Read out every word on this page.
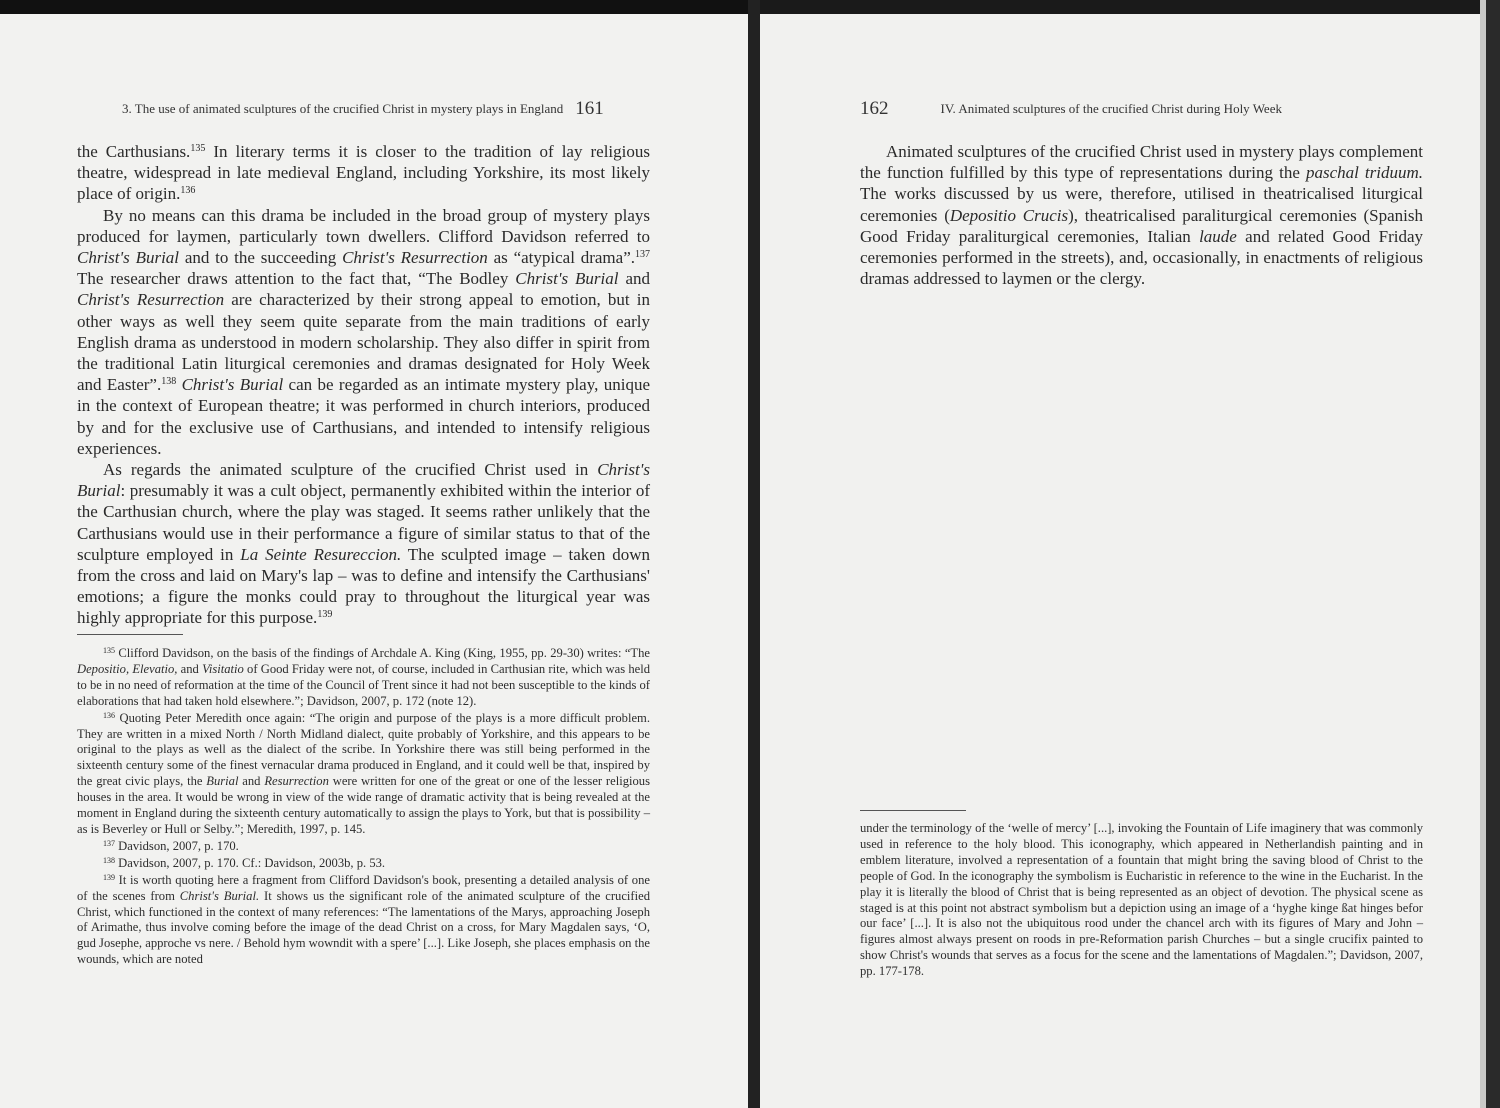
3. The use of animated sculptures of the crucified Christ in mystery plays in England 161

the Carthusians.$^{135}$ In literary terms it is closer to the tradition of lay religious theatre, widespread in late medieval England, including Yorkshire, its most likely place of origin.$^{136}$

By no means can this drama be included in the broad group of mystery plays produced for laymen, particularly town dwellers. Clifford Davidson referred to Christ's Burial and to the succeeding Christ's Resurrection as “atypical drama”.$^{137}$ The researcher draws attention to the fact that, “The Bodley Christ's Burial and Christ's Resurrection are characterized by their strong appeal to emotion, but in other ways as well they seem quite separate from the main traditions of early English drama as understood in modern scholarship. They also differ in spirit from the traditional Latin liturgical ceremonies and dramas designated for Holy Week and Easter”.$^{138}$ Christ's Burial can be regarded as an intimate mystery play, unique in the context of European theatre; it was performed in church interiors, produced by and for the exclusive use of Carthusians, and intended to intensify religious experiences.

As regards the animated sculpture of the crucified Christ used in Christ's Burial: presumably it was a cult object, permanently exhibited within the interior of the Carthusian church, where the play was staged. It seems rather unlikely that the Carthusians would use in their performance a figure of similar status to that of the sculpture employed in La Seinte Resureccion. The sculpted image – taken down from the cross and laid on Mary's lap – was to define and intensify the Carthusians' emotions; a figure the monks could pray to throughout the liturgical year was highly appropriate for this purpose.$^{139}$

$^{135}$ Clifford Davidson, on the basis of the findings of Archdale A. King (King, 1955, pp. 29-30) writes: “The Depositio, Elevatio, and Visitatio of Good Friday were not, of course, included in Carthusian rite, which was held to be in no need of reformation at the time of the Council of Trent since it had not been susceptible to the kinds of elaborations that had taken hold elsewhere.”; Davidson, 2007, p. 172 (note 12).

$^{136}$ Quoting Peter Meredith once again: “The origin and purpose of the plays is a more difficult problem. They are written in a mixed North / North Midland dialect, quite probably of Yorkshire, and this appears to be original to the plays as well as the dialect of the scribe. In Yorkshire there was still being performed in the sixteenth century some of the finest vernacular drama produced in England, and it could well be that, inspired by the great civic plays, the Burial and Resurrection were written for one of the great or one of the lesser religious houses in the area. It would be wrong in view of the wide range of dramatic activity that is being revealed at the moment in England during the sixteenth century automatically to assign the plays to York, but that is possibility – as is Beverley or Hull or Selby.”; Meredith, 1997, p. 145.

$^{137}$ Davidson, 2007, p. 170.

$^{138}$ Davidson, 2007, p. 170. Cf.: Davidson, 2003b, p. 53.

$^{139}$ It is worth quoting here a fragment from Clifford Davidson's book, presenting a detailed analysis of one of the scenes from Christ's Burial. It shows us the significant role of the animated sculpture of the crucified Christ, which functioned in the context of many references: “The lamentations of the Marys, approaching Joseph of Arimathe, thus involve coming before the image of the dead Christ on a cross, for Mary Magdalen says, ‘O, gud Josephe, approche vs nere. / Behold hym wowndit with a spere’ [...]. Like Joseph, she places emphasis on the wounds, which are noted

162	IV. Animated sculptures of the crucified Christ during Holy Week

Animated sculptures of the crucified Christ used in mystery plays complement the function fulfilled by this type of representations during the paschal triduum. The works discussed by us were, therefore, utilised in theatricalised liturgical ceremonies (Depositio Crucis), theatricalised paraliturgical ceremonies (Spanish Good Friday paraliturgical ceremonies, Italian laude and related Good Friday ceremonies performed in the streets), and, occasionally, in enactments of religious dramas addressed to laymen or the clergy.

under the terminology of the ‘welle of mercy’ [...], invoking the Fountain of Life imaginery that was commonly used in reference to the holy blood. This iconography, which appeared in Netherlandish painting and in emblem literature, involved a representation of a fountain that might bring the saving blood of Christ to the people of God. In the iconography the symbolism is Eucharistic in reference to the wine in the Eucharist. In the play it is literally the blood of Christ that is being represented as an object of devotion. The physical scene as staged is at this point not abstract symbolism but a depiction using an image of a ‘hyghe kinge ßat hinges befor our face’ [...]. It is also not the ubiquitous rood under the chancel arch with its figures of Mary and John – figures almost always present on roods in pre-Reformation parish Churches – but a single crucifix painted to show Christ's wounds that serves as a focus for the scene and the lamentations of Magdalen.”; Davidson, 2007, pp. 177-178.
